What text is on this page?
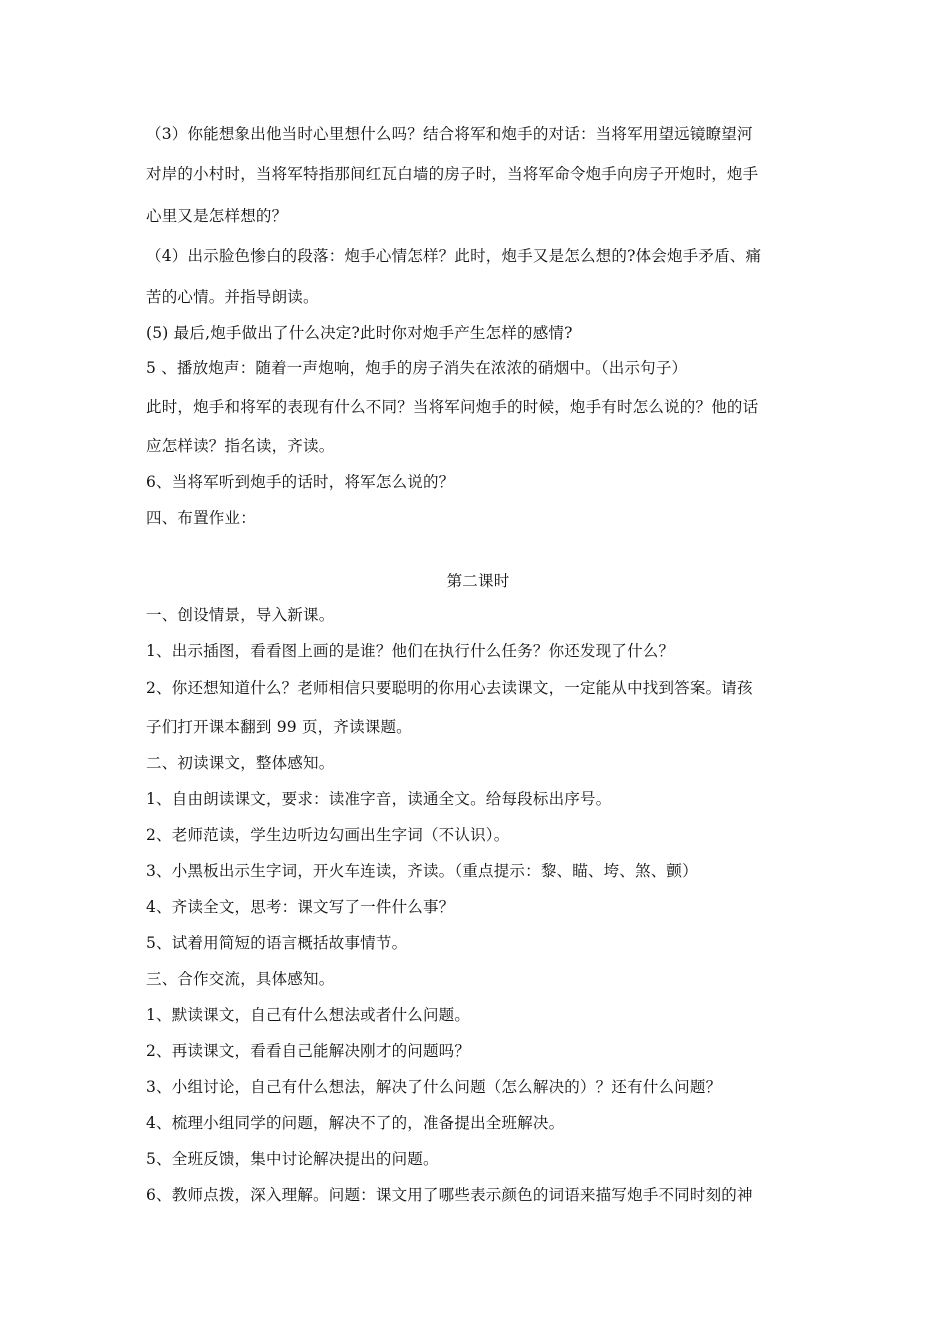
（3）你能想象出他当时心里想什么吗？结合将军和炮手的对话：当将军用望远镜瞭望河
对岸的小村时，当将军特指那间红瓦白墙的房子时，当将军命令炮手向房子开炮时，炮手
心里又是怎样想的？
（4）出示脸色惨白的段落：炮手心情怎样？此时，炮手又是怎么想的?体会炮手矛盾、痛
苦的心情。并指导朗读。
(5) 最后,炮手做出了什么决定?此时你对炮手产生怎样的感情?
5 、播放炮声：随着一声炮响，炮手的房子消失在浓浓的硝烟中。（出示句子）
此时，炮手和将军的表现有什么不同？当将军问炮手的时候，炮手有时怎么说的？他的话
应怎样读？指名读，齐读。
6、当将军听到炮手的话时，将军怎么说的？
四、布置作业：
第二课时
一、创设情景，导入新课。
1、出示插图，看看图上画的是谁？他们在执行什么任务？你还发现了什么？
2、你还想知道什么？老师相信只要聪明的你用心去读课文，一定能从中找到答案。请孩
子们打开课本翻到 99 页，齐读课题。
二、初读课文，整体感知。
1、自由朗读课文，要求：读准字音，读通全文。给每段标出序号。
2、老师范读，学生边听边勾画出生字词（不认识）。
3、小黑板出示生字词，开火车连读，齐读。（重点提示：黎、瞄、垮、煞、颤）
4、齐读全文，思考：课文写了一件什么事？
5、试着用简短的语言概括故事情节。
三、合作交流，具体感知。
1、默读课文，自己有什么想法或者什么问题。
2、再读课文，看看自己能解决刚才的问题吗？
3、小组讨论，自己有什么想法，解决了什么问题（怎么解决的）？还有什么问题？
4、梳理小组同学的问题，解决不了的，准备提出全班解决。
5、全班反馈，集中讨论解决提出的问题。
6、教师点拨，深入理解。问题：课文用了哪些表示颜色的词语来描写炮手不同时刻的神
